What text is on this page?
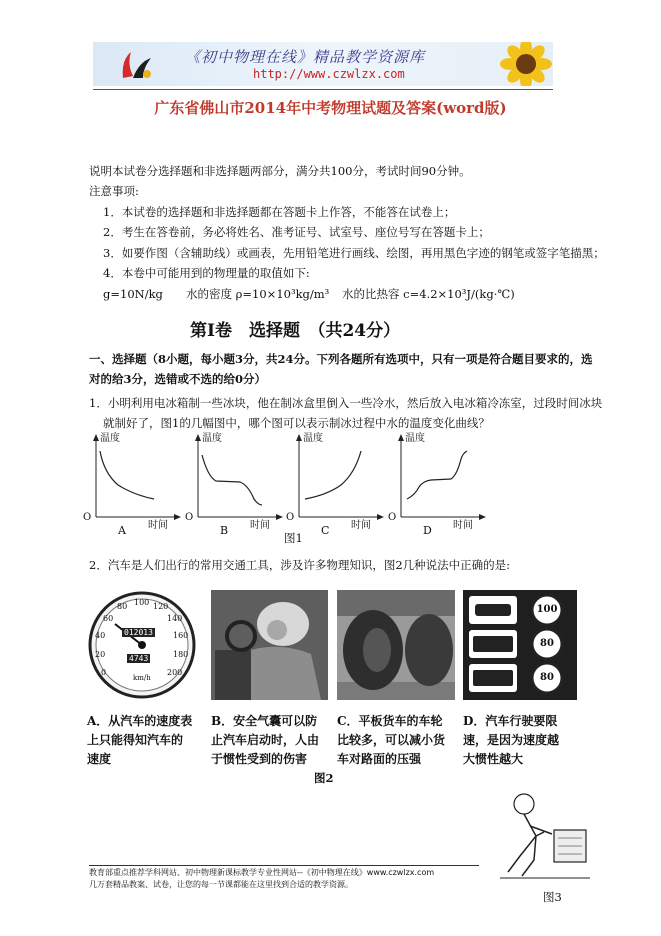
《初中物理在线》精品教学资源库
http://www.czwlzx.com
广东省佛山市2014年中考物理试题及答案(word版)
说明本试卷分选择题和非选择题两部分，满分共100分，考试时间90分钟。
注意事项:
1．本试卷的选择题和非选择题都在答题卡上作答，不能答在试卷上；
2．考生在答卷前，务必将姓名、准考证号、试室号、座位号写在答题卡上；
3．如要作图（含辅助线）或画表，先用铅笔进行画线、绘图，再用黑色字迹的钢笔或签字笔描黑；
4．本卷中可能用到的物理量的取值如下:
g=10N/kg 水的密度 ρ=10×10³kg/m³ 水的比热容 c=4.2×10³J/(kg·℃)
第Ⅰ卷　选择题　（共24分）
一、选择题（8小题，每小题3分，共24分。下列各题所有选项中，只有一项是符合题目要求的，选
对的给3分，选错或不选的给0分）
1．小明利用电冰箱制一些冰块，他在制冰盒里倒入一些冷水，然后放入电冰箱冷冻室，过段时间冰块
就制好了，图1的几幅图中，哪个图可以表示制冰过程中水的温度变化曲线？
温度
时间
O
A
温度
时间
O
B
温度
时间
O
C
温度
时间
O
D
图1
2．汽车是人们出行的常用交通工具，涉及许多物理知识，图2几种说法中正确的是:
0
20
40
60
80 100 120
140
160
180
200
012013
4743
km/h
100
80
80
A．从汽车的速度表
上只能得知汽车的
速度
B．安全气囊可以防
止汽车启动时，人由
于惯性受到的伤害
C．平板货车的车轮
比较多，可以减小货
车对路面的压强
D．汽车行驶要限
速，是因为速度越
大惯性越大
图2
图3
教育部重点推荐学科网站、初中物理新课标教学专业性网站--《初中物理在线》www.czwlzx.com
几万套精品教案、试卷，让您的每一节课都能在这里找到合适的教学资源。
